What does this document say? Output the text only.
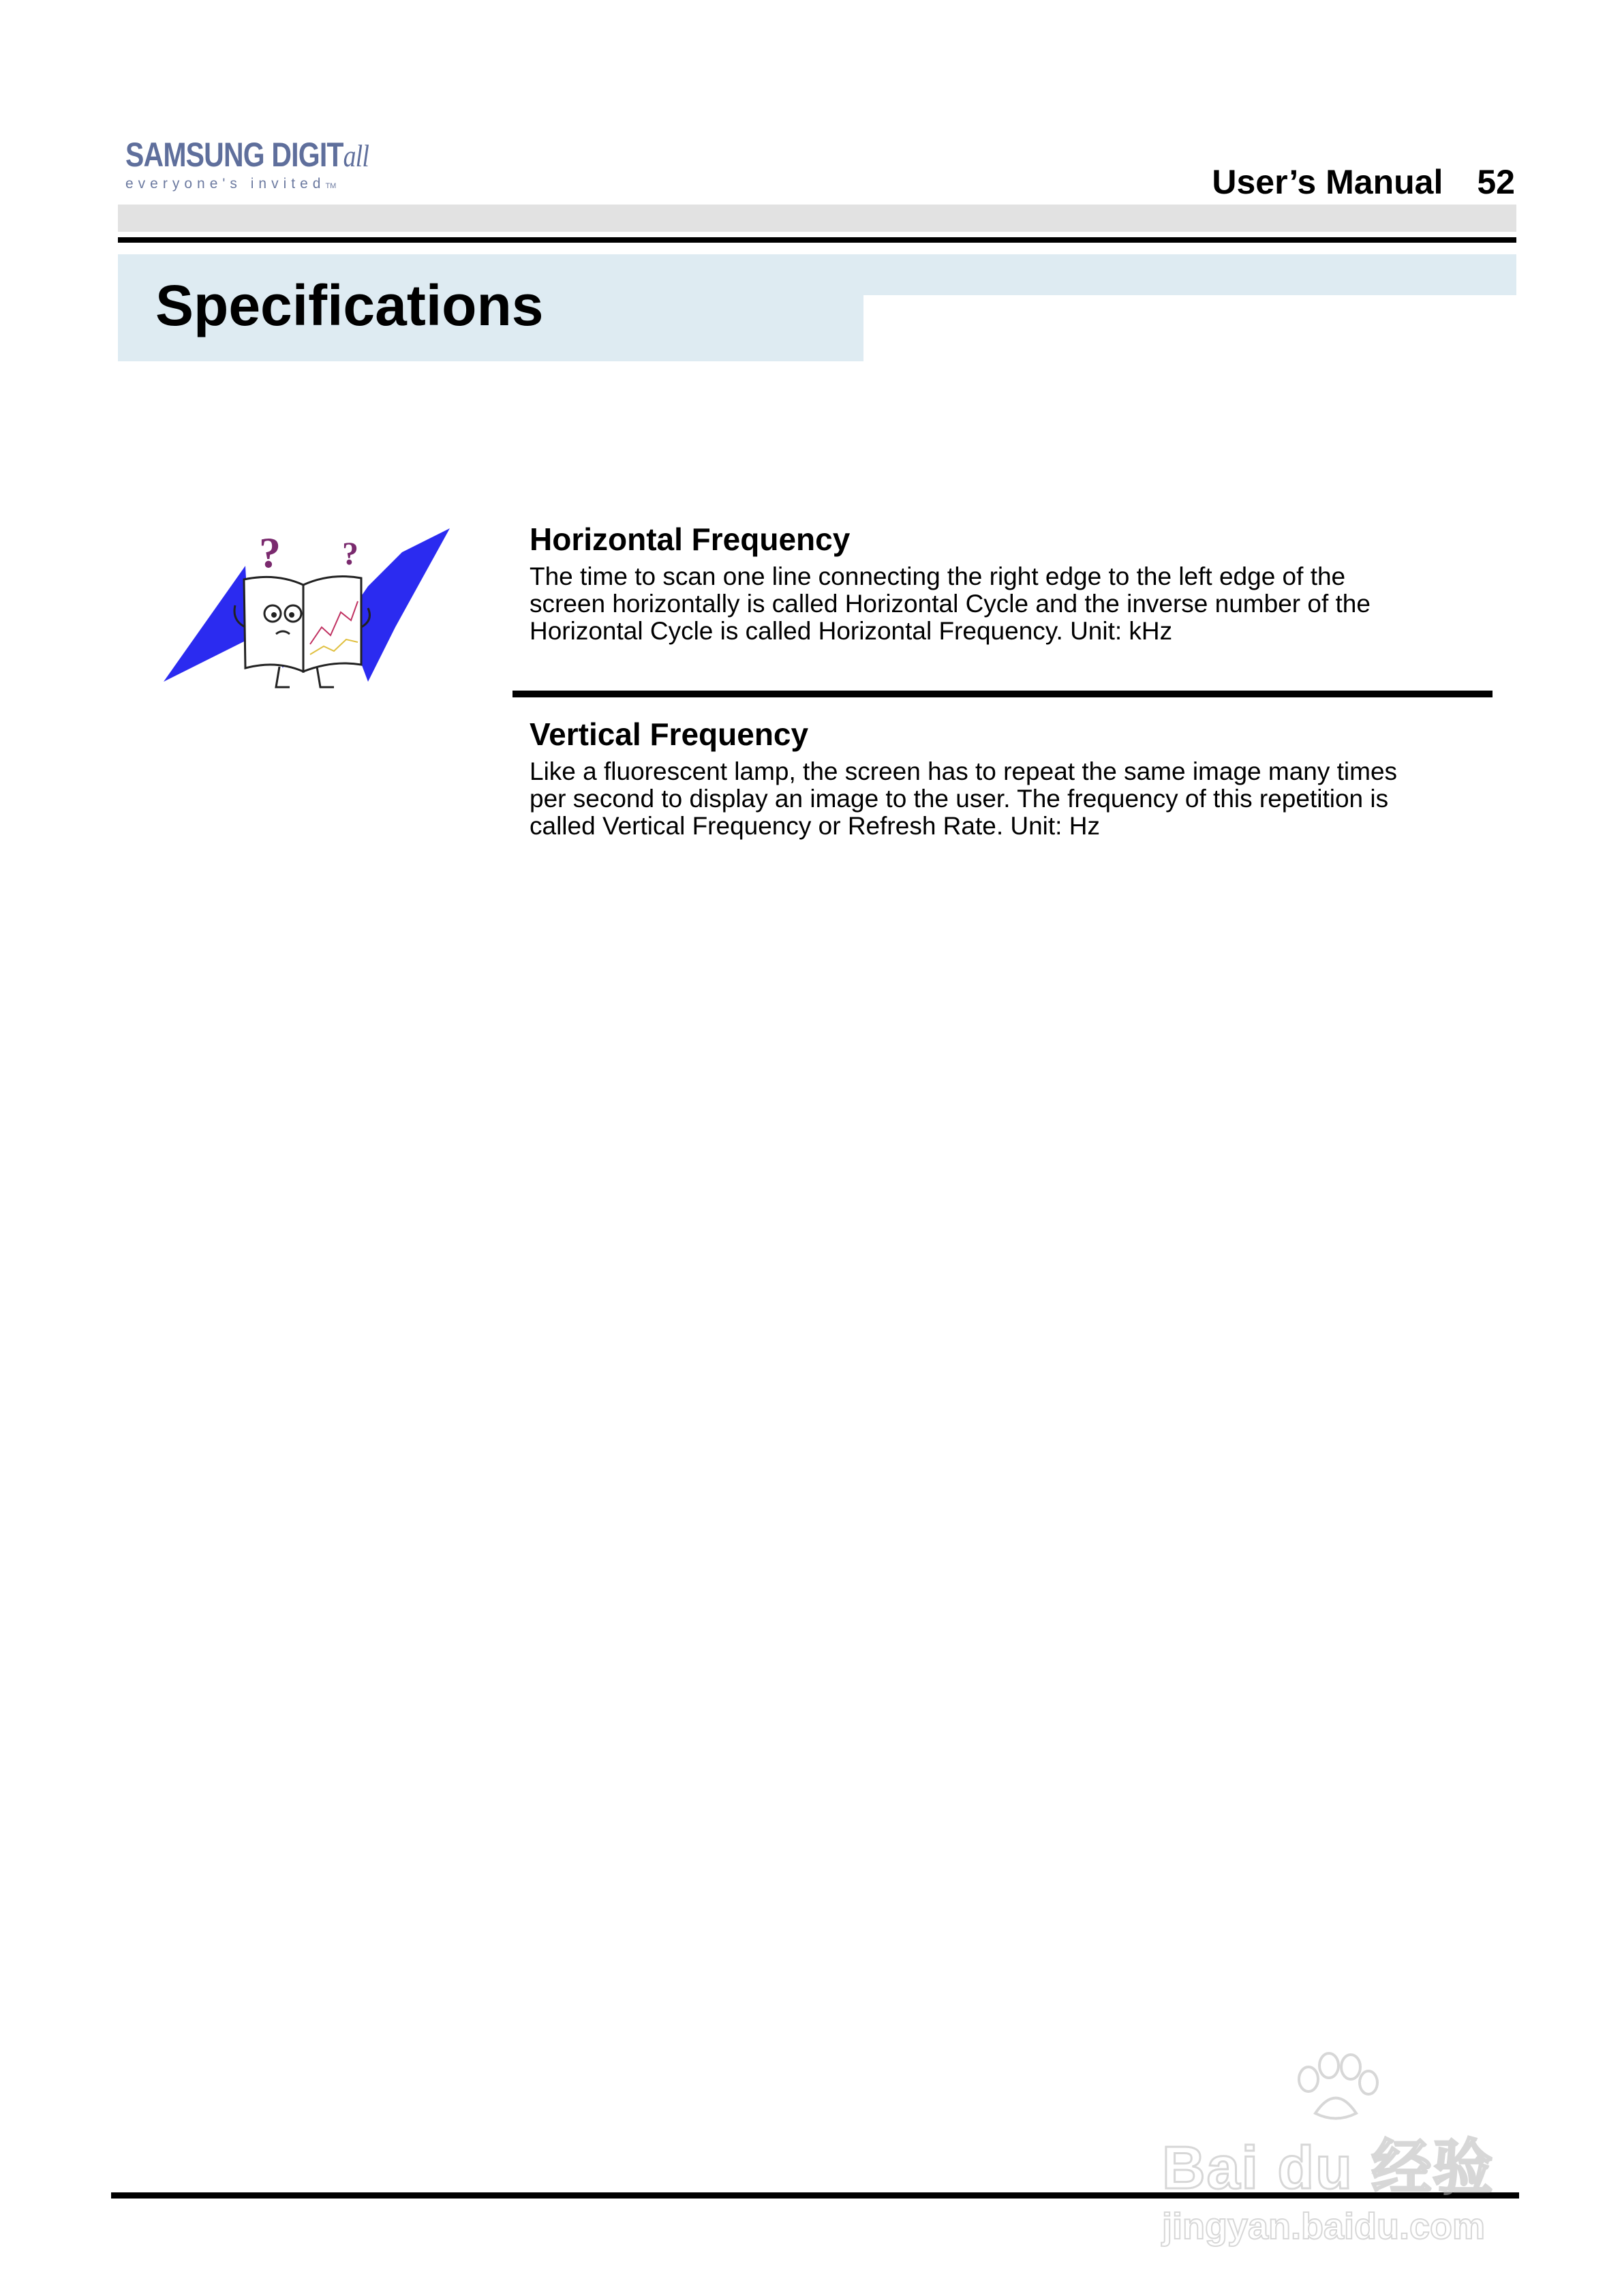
SAMSUNG DIGITall
everyone's invitedTM	User’s Manual 52
Specifications
? ?	Horizontal Frequency
The time to scan one line connecting the right edge to the left edge of the
screen horizontally is called Horizontal Cycle and the inverse number of the
Horizontal Cycle is called Horizontal Frequency. Unit: kHz
Vertical Frequency
Like a fluorescent lamp, the screen has to repeat the same image many times
per second to display an image to the user. The frequency of this repetition is
called Vertical Frequency or Refresh Rate. Unit: Hz
Bai du 经验
jingyan.baidu.com
